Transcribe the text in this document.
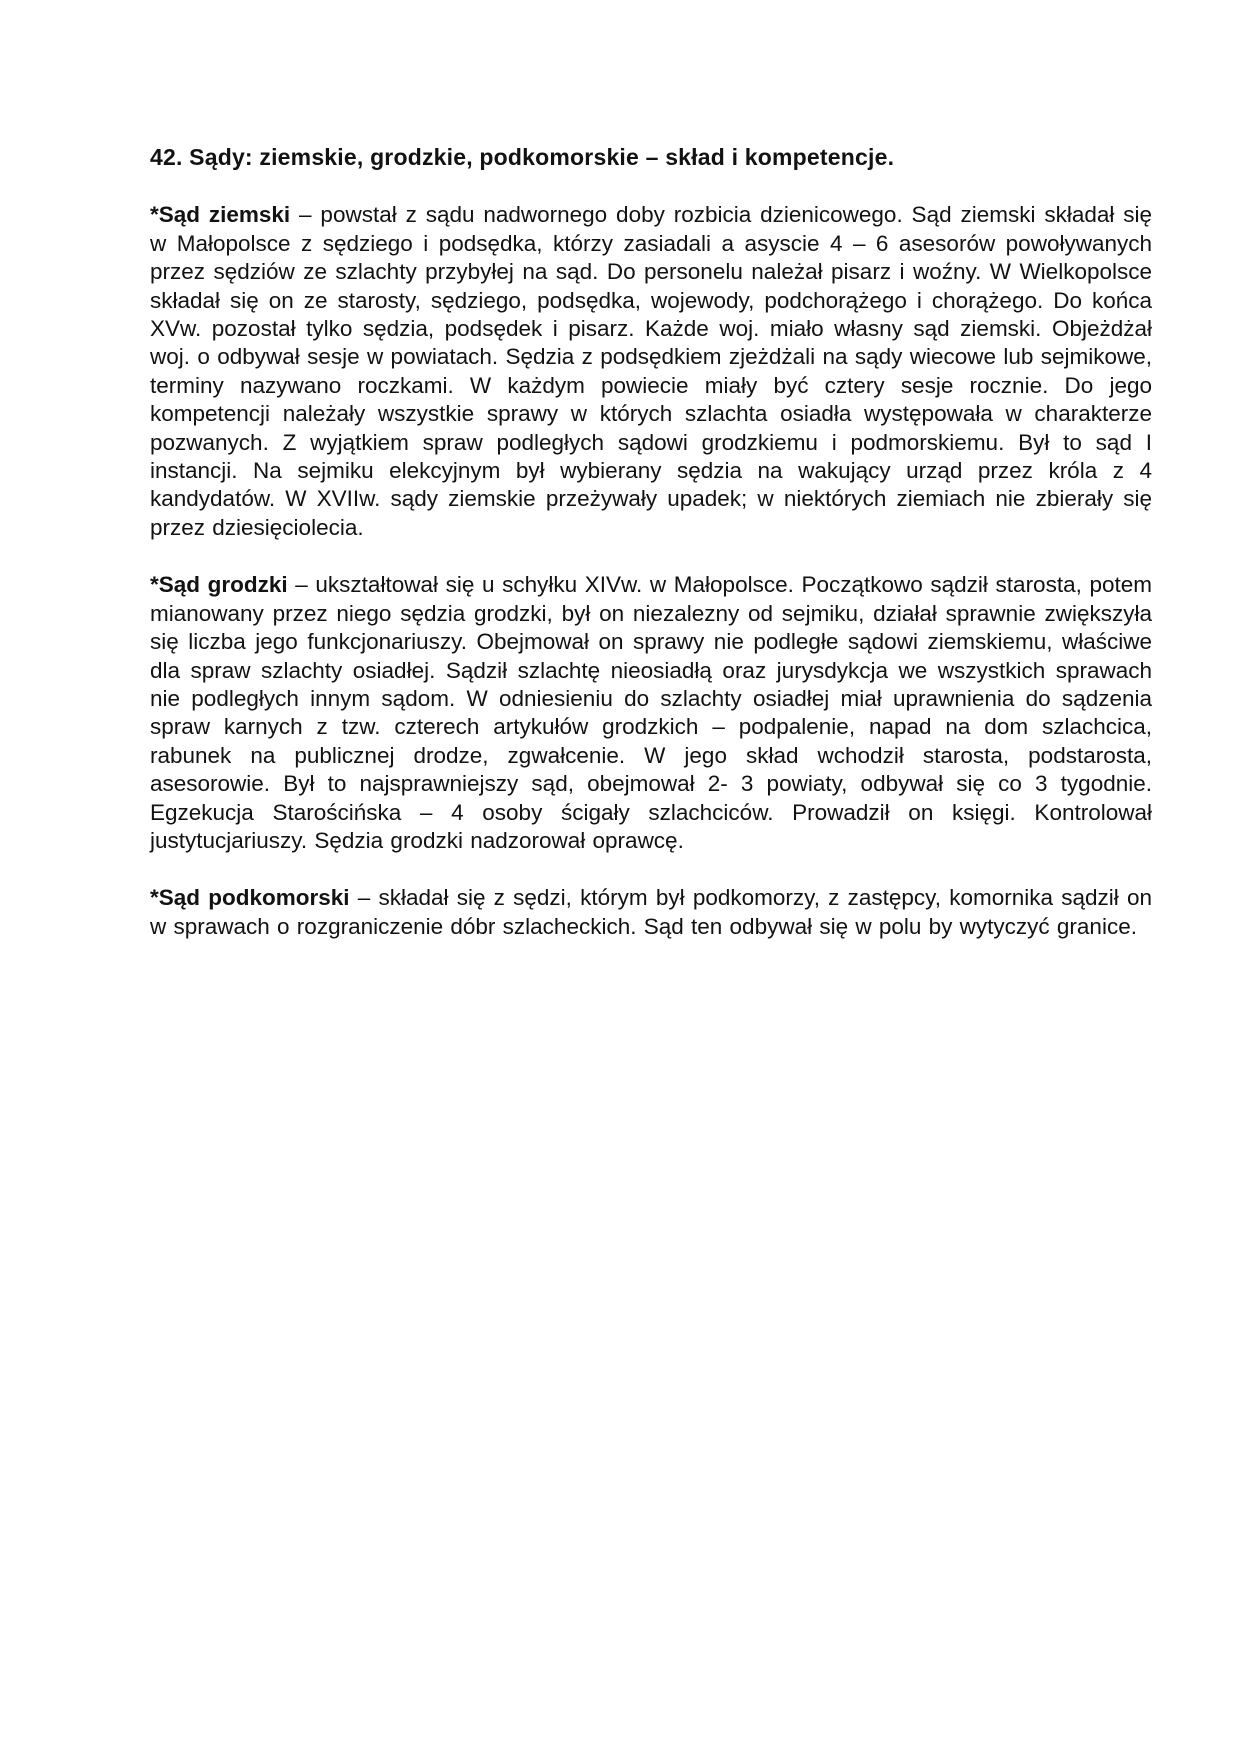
42. Sądy: ziemskie, grodzkie, podkomorskie – skład i kompetencje.

*Sąd ziemski – powstał z sądu nadwornego doby rozbicia dzienicowego. Sąd ziemski składał się w Małopolsce z sędziego i podsędka, którzy zasiadali a asyscie 4 – 6 asesorów powoływanych przez sędziów ze szlachty przybyłej na sąd. Do personelu należał pisarz i woźny. W Wielkopolsce składał się on ze starosty, sędziego, podsędka, wojewody, podchorążego i chorążego. Do końca XVw. pozostał tylko sędzia, podsędek i pisarz. Każde woj. miało własny sąd ziemski. Objeżdżał woj. o odbywał sesje w powiatach. Sędzia z podsędkiem zjeżdżali na sądy wiecowe lub sejmikowe, terminy nazywano roczkami. W każdym powiecie miały być cztery sesje rocznie. Do jego kompetencji należały wszystkie sprawy w których szlachta osiadła występowała w charakterze pozwanych. Z wyjątkiem spraw podległych sądowi grodzkiemu i podmorskiemu. Był to sąd I instancji. Na sejmiku elekcyjnym był wybierany sędzia na wakujący urząd przez króla z 4 kandydatów. W XVIIw. sądy ziemskie przeżywały upadek; w niektórych ziemiach nie zbierały się przez dziesięciolecia.

*Sąd grodzki – ukształtował się u schyłku XIVw. w Małopolsce. Początkowo sądził starosta, potem mianowany przez niego sędzia grodzki, był on niezalezny od sejmiku, działał sprawnie zwiększyła się liczba jego funkcjonariuszy. Obejmował on sprawy nie podległe sądowi ziemskiemu, właściwe dla spraw szlachty osiadłej. Sądził szlachtę nieosiadłą oraz jurysdykcja we wszystkich sprawach nie podległych innym sądom. W odniesieniu do szlachty osiadłej miał uprawnienia do sądzenia spraw karnych z tzw. czterech artykułów grodzkich – podpalenie, napad na dom szlachcica, rabunek na publicznej drodze, zgwałcenie. W jego skład wchodził starosta, podstarosta, asesorowie. Był to najsprawniejszy sąd, obejmował 2- 3 powiaty, odbywał się co 3 tygodnie. Egzekucja Starościńska – 4 osoby ścigały szlachciców. Prowadził on księgi. Kontrolował justytucjariuszy. Sędzia grodzki nadzorował oprawcę.

*Sąd podkomorski – składał się z sędzi, którym był podkomorzy, z zastępcy, komornika sądził on w sprawach o rozgraniczenie dóbr szlacheckich. Sąd ten odbywał się w polu by wytyczyć granice.
